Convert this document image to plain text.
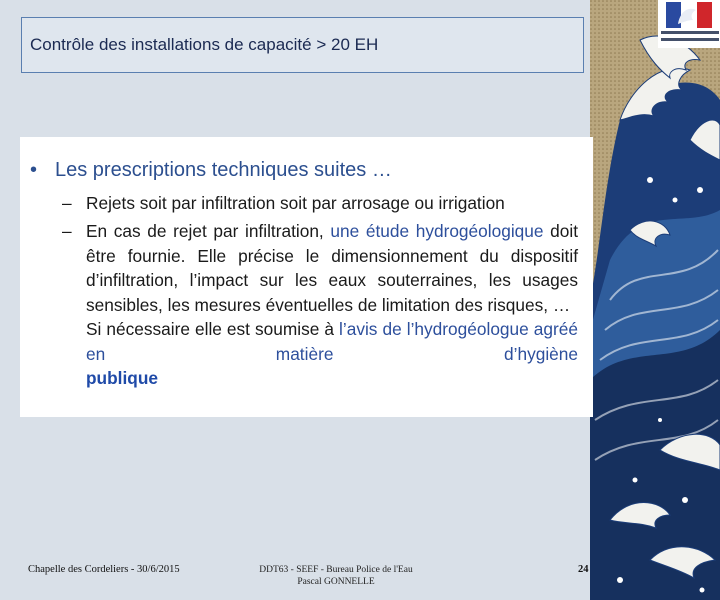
Contrôle des installations de capacité > 20 EH
• Les prescriptions techniques suites …
– Rejets soit par infiltration soit par arrosage ou irrigation
– En cas de rejet par infiltration, une étude hydrogéologique doit être fournie. Elle précise le dimensionnement du dispositif d’infiltration, l’impact sur les eaux souterraines, les usages sensibles, les mesures éventuelles de limitation des risques, …
Si nécessaire elle est soumise à l’avis de l’hydrogéologue agréé en matière d’hygiène
publique
Chapelle des Cordeliers - 30/6/2015	DDT63 - SEEF - Bureau Police de l'Eau
Pascal GONNELLE
24
